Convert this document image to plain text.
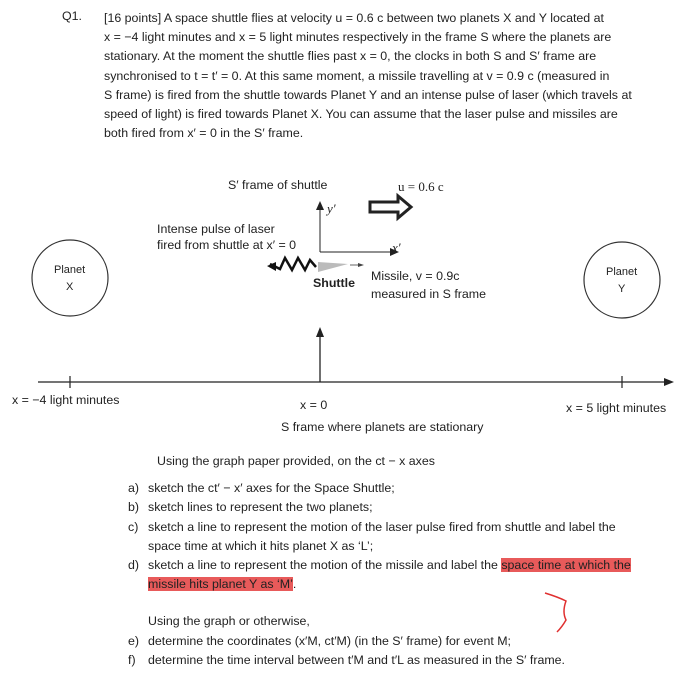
Q1. [16 points] A space shuttle flies at velocity u = 0.6 c between two planets X and Y located at
x = −4 light minutes and x = 5 light minutes respectively in the frame S where the planets are
stationary. At the moment the shuttle flies past x = 0, the clocks in both S and S′ frame are
synchronised to t = t′ = 0. At this same moment, a missile travelling at v = 0.9 c (measured in
S frame) is fired from the shuttle towards Planet Y and an intense pulse of laser (which travels at
speed of light) is fired towards Planet X. You can assume that the laser pulse and missiles are
both fired from x′ = 0 in the S′ frame.
S′ frame of shuttle	u = 0.6 c
y′
x′
Intense pulse of laser
fired from shuttle at x′ = 0
Shuttle Missile, v = 0.9c
measured in S frame
Planet
X
Planet
Y
x = −4 light minutes	x = 0	x = 5 light minutes
S frame where planets are stationary
Using the graph paper provided, on the ct − x axes
a) sketch the ct′ − x′ axes for the Space Shuttle;
b) sketch lines to represent the two planets;
c) sketch a line to represent the motion of the laser pulse fired from shuttle and label the
space time at which it hits planet X as ‘L’;
d) sketch a line to represent the motion of the missile and label the space time at which the
missile hits planet Y as ‘M’.
Using the graph or otherwise,
e) determine the coordinates (x′M, ct′M) (in the S′ frame) for event M;
f) determine the time interval between t′M and t′L as measured in the S′ frame.
